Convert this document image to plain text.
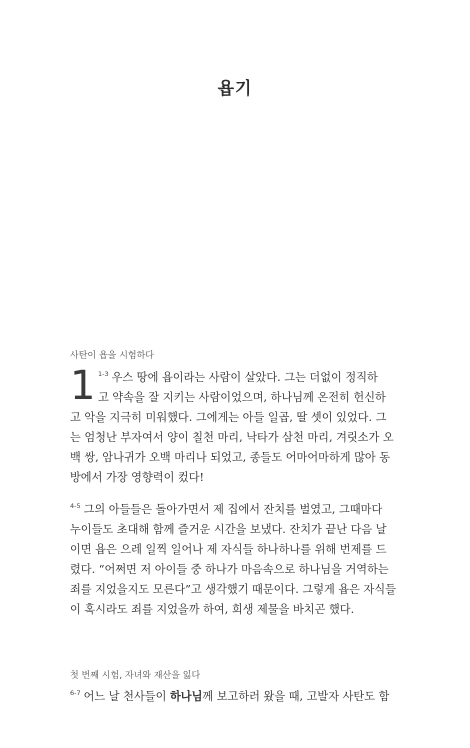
욥기
사탄이 욥을 시험하다
1 $^{1-3}$ 우스 땅에 욥이라는 사람이 살았다. 그는 더없이 정직하
고 약속을 잘 지키는 사람이었으며, 하나님께 온전히 헌신하
고 악을 지극히 미워했다. 그에게는 아들 일곱, 딸 셋이 있었다. 그
는 엄청난 부자여서 양이 칠천 마리, 낙타가 삼천 마리, 겨릿소가 오
백 쌍, 암나귀가 오백 마리나 되었고, 종들도 어마어마하게 많아 동
방에서 가장 영향력이 컸다!
$^{4-5}$ 그의 아들들은 돌아가면서 제 집에서 잔치를 벌였고, 그때마다
누이들도 초대해 함께 즐거운 시간을 보냈다. 잔치가 끝난 다음 날
이면 욥은 으레 일찍 일어나 제 자식들 하나하나를 위해 번제를 드
렸다. “어쩌면 저 아이들 중 하나가 마음속으로 하나님을 거역하는
죄를 지었을지도 모른다”고 생각했기 때문이다. 그렇게 욥은 자식들
이 혹시라도 죄를 지었을까 하여, 희생 제물을 바치곤 했다.
첫 번째 시험, 자녀와 재산을 잃다
$^{6-7}$ 어느 날 천사들이 하나님께 보고하러 왔을 때, 고발자 사탄도 함
